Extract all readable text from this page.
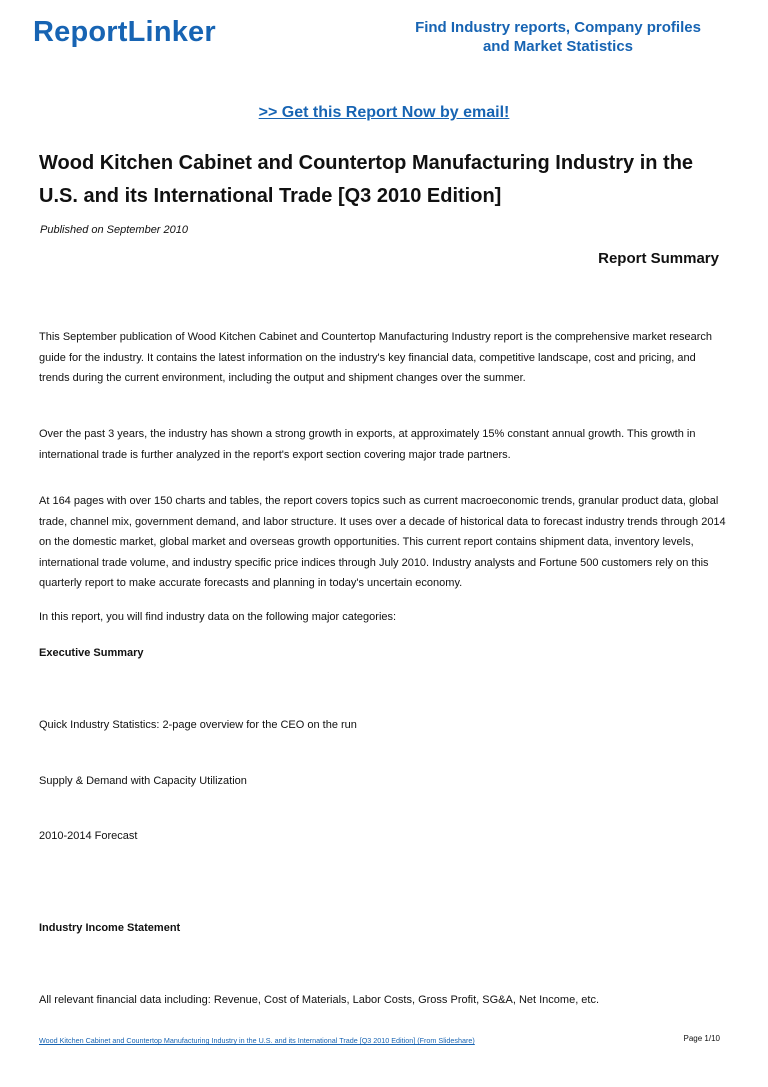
ReportLinker	Find Industry reports, Company profiles
and Market Statistics
>> Get this Report Now by email!
Wood Kitchen Cabinet and Countertop Manufacturing Industry in the
U.S. and its International Trade [Q3 2010 Edition]
Published on September 2010
Report Summary
This September publication of Wood Kitchen Cabinet and Countertop Manufacturing Industry report is the comprehensive market research guide for the industry. It contains the latest information on the industry's key financial data, competitive landscape, cost and pricing, and trends during the current environment, including the output and shipment changes over the summer.
Over the past 3 years, the industry has shown a strong growth in exports, at approximately 15% constant annual growth. This growth in international trade is further analyzed in the report's export section covering major trade partners.
At 164 pages with over 150 charts and tables, the report covers topics such as current macroeconomic trends, granular product data, global trade, channel mix, government demand, and labor structure. It uses over a decade of historical data to forecast industry trends through 2014 on the domestic market, global market and overseas growth opportunities. This current report contains shipment data, inventory levels, international trade volume, and industry specific price indices through July 2010. Industry analysts and Fortune 500 customers rely on this quarterly report to make accurate forecasts and planning in today's uncertain economy.
In this report, you will find industry data on the following major categories:
Executive Summary
Quick Industry Statistics: 2-page overview for the CEO on the run
Supply & Demand with Capacity Utilization
2010-2014 Forecast
Industry Income Statement
All relevant financial data including: Revenue, Cost of Materials, Labor Costs, Gross Profit, SG&A, Net Income, etc.
Wood Kitchen Cabinet and Countertop Manufacturing Industry in the U.S. and its International Trade [Q3 2010 Edition] (From Slideshare)	Page 1/10
